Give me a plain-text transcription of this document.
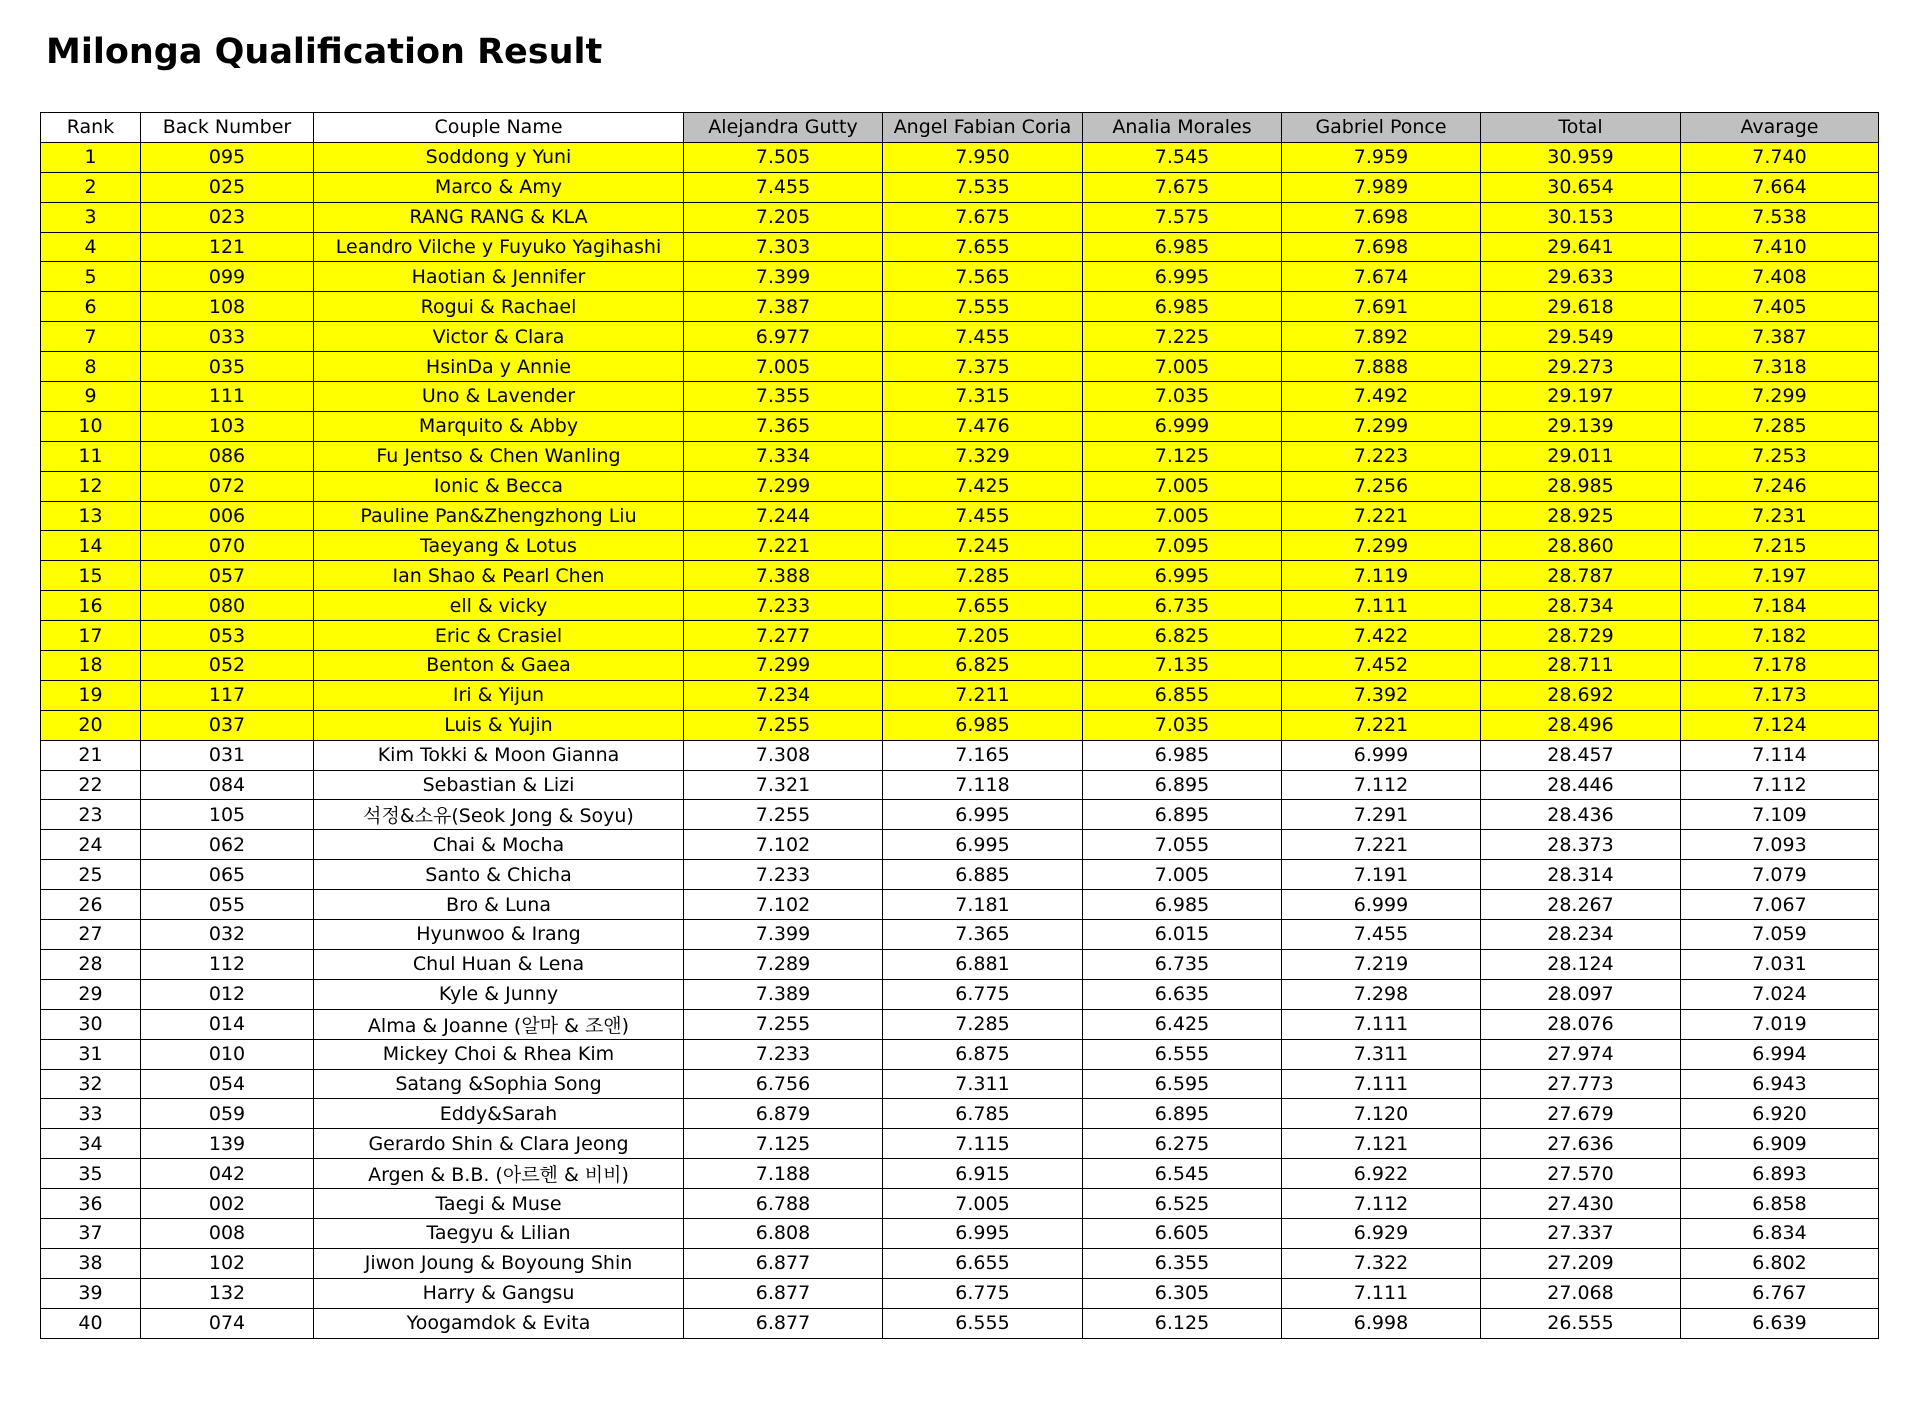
Milonga Qualification Result
Rank	Back Number	Couple Name	Alejandra Gutty	Angel Fabian Coria	Analia Morales	Gabriel Ponce	Total	Avarage
1	095	Soddong y Yuni	7.505	7.950	7.545	7.959	30.959	7.740
2	025	Marco & Amy	7.455	7.535	7.675	7.989	30.654	7.664
3	023	RANG RANG & KLA	7.205	7.675	7.575	7.698	30.153	7.538
4	121	Leandro Vilche y Fuyuko Yagihashi	7.303	7.655	6.985	7.698	29.641	7.410
5	099	Haotian & Jennifer	7.399	7.565	6.995	7.674	29.633	7.408
6	108	Rogui & Rachael	7.387	7.555	6.985	7.691	29.618	7.405
7	033	Victor & Clara	6.977	7.455	7.225	7.892	29.549	7.387
8	035	HsinDa y Annie	7.005	7.375	7.005	7.888	29.273	7.318
9	111	Uno & Lavender	7.355	7.315	7.035	7.492	29.197	7.299
10	103	Marquito & Abby	7.365	7.476	6.999	7.299	29.139	7.285
11	086	Fu Jentso & Chen Wanling	7.334	7.329	7.125	7.223	29.011	7.253
12	072	Ionic & Becca	7.299	7.425	7.005	7.256	28.985	7.246
13	006	Pauline Pan&Zhengzhong Liu	7.244	7.455	7.005	7.221	28.925	7.231
14	070	Taeyang & Lotus	7.221	7.245	7.095	7.299	28.860	7.215
15	057	Ian Shao & Pearl Chen	7.388	7.285	6.995	7.119	28.787	7.197
16	080	ell & vicky	7.233	7.655	6.735	7.111	28.734	7.184
17	053	Eric & Crasiel	7.277	7.205	6.825	7.422	28.729	7.182
18	052	Benton & Gaea	7.299	6.825	7.135	7.452	28.711	7.178
19	117	Iri & Yijun	7.234	7.211	6.855	7.392	28.692	7.173
20	037	Luis & Yujin	7.255	6.985	7.035	7.221	28.496	7.124
21	031	Kim Tokki & Moon Gianna	7.308	7.165	6.985	6.999	28.457	7.114
22	084	Sebastian & Lizi	7.321	7.118	6.895	7.112	28.446	7.112
23	105	석정&소유(Seok Jong & Soyu)	7.255	6.995	6.895	7.291	28.436	7.109
24	062	Chai & Mocha	7.102	6.995	7.055	7.221	28.373	7.093
25	065	Santo & Chicha	7.233	6.885	7.005	7.191	28.314	7.079
26	055	Bro & Luna	7.102	7.181	6.985	6.999	28.267	7.067
27	032	Hyunwoo & Irang	7.399	7.365	6.015	7.455	28.234	7.059
28	112	Chul Huan & Lena	7.289	6.881	6.735	7.219	28.124	7.031
29	012	Kyle & Junny	7.389	6.775	6.635	7.298	28.097	7.024
30	014	Alma & Joanne (알마 & 조앤)	7.255	7.285	6.425	7.111	28.076	7.019
31	010	Mickey Choi & Rhea Kim	7.233	6.875	6.555	7.311	27.974	6.994
32	054	Satang &Sophia Song	6.756	7.311	6.595	7.111	27.773	6.943
33	059	Eddy&Sarah	6.879	6.785	6.895	7.120	27.679	6.920
34	139	Gerardo Shin & Clara Jeong	7.125	7.115	6.275	7.121	27.636	6.909
35	042	Argen & B.B. (아르헨 & 비비)	7.188	6.915	6.545	6.922	27.570	6.893
36	002	Taegi & Muse	6.788	7.005	6.525	7.112	27.430	6.858
37	008	Taegyu & Lilian	6.808	6.995	6.605	6.929	27.337	6.834
38	102	Jiwon Joung & Boyoung Shin	6.877	6.655	6.355	7.322	27.209	6.802
39	132	Harry & Gangsu	6.877	6.775	6.305	7.111	27.068	6.767
40	074	Yoogamdok & Evita	6.877	6.555	6.125	6.998	26.555	6.639
